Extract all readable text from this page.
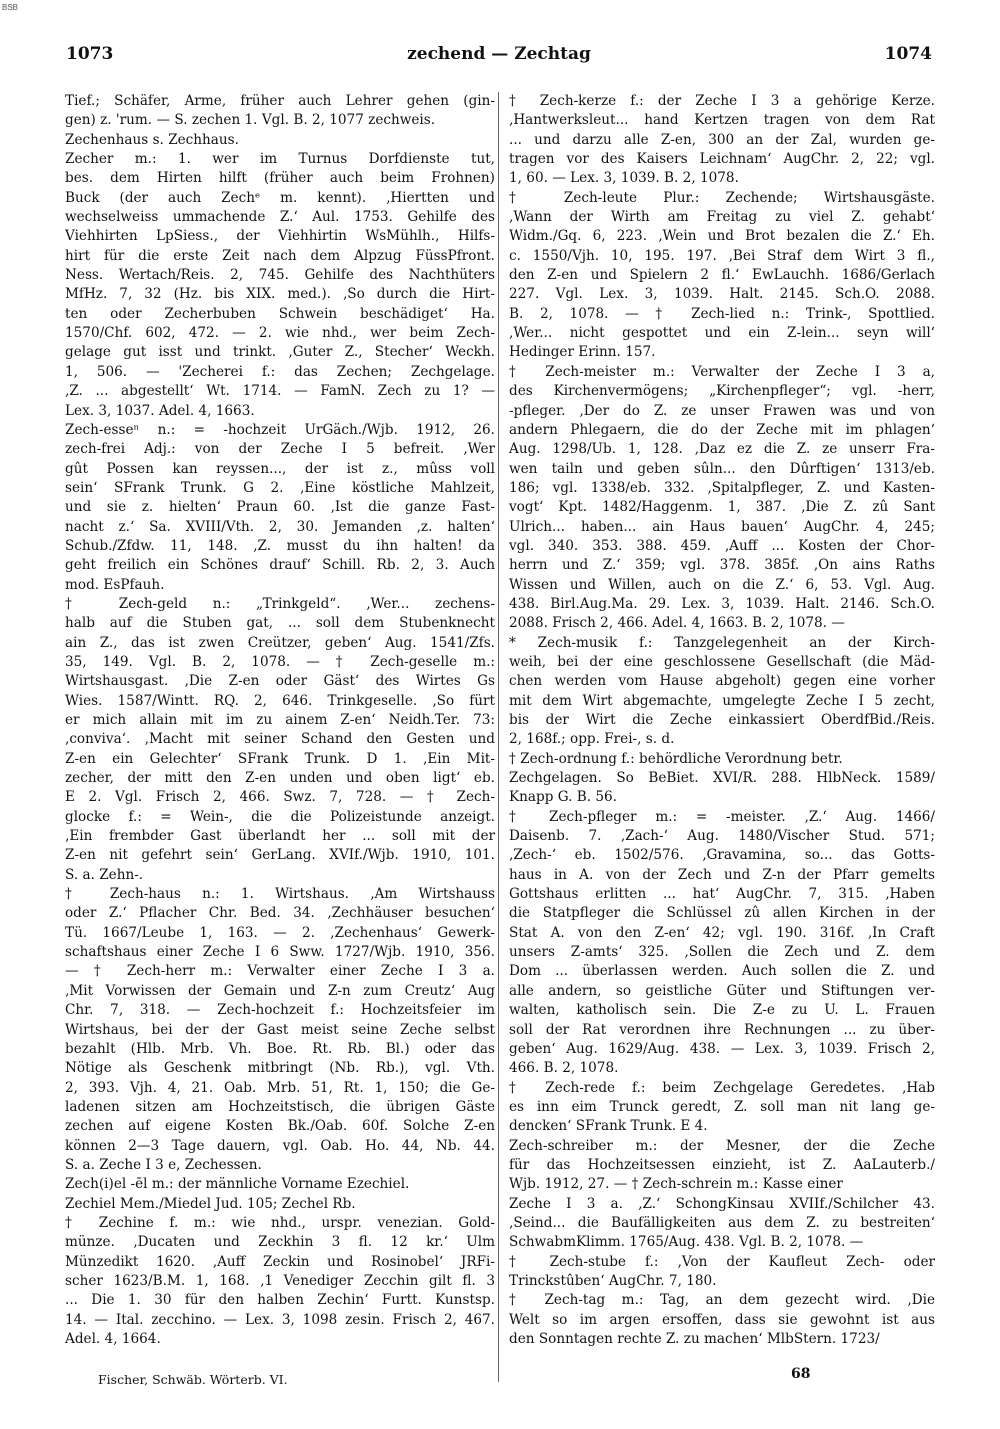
BSB
1073	zechend — Zechtag	1074
Tief.; Schäfer, Arme, früher auch Lehrer gehen (gin-
gen) z. 'rum. — S. zechen 1. Vgl. B. 2, 1077 zechweis.
Zechenhaus s. Zechhaus.
Zecher m.: 1. wer im Turnus Dorfdienste tut,
bes. dem Hirten hilft (früher auch beim Frohnen)
Buck (der auch Zechᵉ m. kennt). ‚Hiertten und
wechselweiss ummachende Z.‘ Aul. 1753. Gehilfe des
Viehhirten LpSiess., der Viehhirtin WsMühlh., Hilfs-
hirt für die erste Zeit nach dem Alpzug FüssPfront.
Ness. Wertach/Reis. 2, 745. Gehilfe des Nachthüters
MfHz. 7, 32 (Hz. bis XIX. med.). ‚So durch die Hirt-
ten oder Zecherbuben Schwein beschädiget‘ Ha.
1570/Chf. 602, 472. — 2. wie nhd., wer beim Zech-
gelage gut isst und trinkt. ‚Guter Z., Stecher‘ Weckh.
1, 506. — 'Zecherei f.: das Zechen; Zechgelage.
‚Z. ... abgestellt‘ Wt. 1714. — FamN. Zech zu 1? —
Lex. 3, 1037. Adel. 4, 1663.
Zech-esseⁿ n.: = -hochzeit UrGäch./Wjb. 1912, 26.
zech-frei Adj.: von der Zeche I 5 befreit. ‚Wer
gût Possen kan reyssen..., der ist z., mûss voll
sein‘ SFrank Trunk. G 2. ‚Eine köstliche Mahlzeit,
und sie z. hielten‘ Praun 60. ‚Ist die ganze Fast-
nacht z.‘ Sa. XVIII/Vth. 2, 30. Jemanden ‚z. halten‘
Schub./Zfdw. 11, 148. ‚Z. musst du ihn halten! da
geht freilich ein Schönes drauf‘ Schill. Rb. 2, 3. Auch
mod. EsPfauh.
† Zech-geld n.: „Trinkgeld“. ‚Wer... zechens-
halb auf die Stuben gat, ... soll dem Stubenknecht
ain Z., das ist zwen Creützer, geben‘ Aug. 1541/Zfs.
35, 149. Vgl. B. 2, 1078. — † Zech-geselle m.:
Wirtshausgast. ‚Die Z-en oder Gäst‘ des Wirtes Gs
Wies. 1587/Wintt. RQ. 2, 646. Trinkgeselle. ‚So fürt
er mich allain mit im zu ainem Z-en‘ Neidh.Ter. 73:
‚conviva‘. ‚Macht mit seiner Schand den Gesten und
Z-en ein Gelechter‘ SFrank Trunk. D 1. ‚Ein Mit-
zecher, der mitt den Z-en unden und oben ligt‘ eb.
E 2. Vgl. Frisch 2, 466. Swz. 7, 728. — † Zech-
glocke f.: = Wein-, die die Polizeistunde anzeigt.
‚Ein frembder Gast überlandt her ... soll mit der
Z-en nit gefehrt sein‘ GerLang. XVIf./Wjb. 1910, 101.
S. a. Zehn-.
† Zech-haus n.: 1. Wirtshaus. ‚Am Wirtshauss
oder Z.‘ Pflacher Chr. Bed. 34. ‚Zechhäuser besuchen‘
Tü. 1667/Leube 1, 163. — 2. ‚Zechenhaus‘ Gewerk-
schaftshaus einer Zeche I 6 Sww. 1727/Wjb. 1910, 356.
— † Zech-herr m.: Verwalter einer Zeche I 3 a.
‚Mit Vorwissen der Gemain und Z-n zum Creutz‘ Aug
Chr. 7, 318. — Zech-hochzeit f.: Hochzeitsfeier im
Wirtshaus, bei der der Gast meist seine Zeche selbst
bezahlt (Hlb. Mrb. Vh. Boe. Rt. Rb. Bl.) oder das
Nötige als Geschenk mitbringt (Nb. Rb.), vgl. Vth.
2, 393. Vjh. 4, 21. Oab. Mrb. 51, Rt. 1, 150; die Ge-
ladenen sitzen am Hochzeitstisch, die übrigen Gäste
zechen auf eigene Kosten Bk./Oab. 60f. Solche Z-en
können 2—3 Tage dauern, vgl. Oab. Ho. 44, Nb. 44.
S. a. Zeche I 3 e, Zechessen.
Zech(i)el -ēl m.: der männliche Vorname Ezechiel.
Zechiel Mem./Miedel Jud. 105; Zechel Rb.
† Zechine f. m.: wie nhd., urspr. venezian. Gold-
münze. ‚Ducaten und Zeckhin 3 fl. 12 kr.‘ Ulm
Münzedikt 1620. ‚Auff Zeckin und Rosinobel‘ JRFi-
scher 1623/B.M. 1, 168. ‚1 Venediger Zecchin gilt fl. 3
... Die 1. 30 für den halben Zechin‘ Furtt. Kunstsp.
14. — Ital. zecchino. — Lex. 3, 1098 zesin. Frisch 2, 467.
Adel. 4, 1664.
† Zech-kerze f.: der Zeche I 3 a gehörige Kerze.
‚Hantwerksleut... hand Kertzen tragen von dem Rat
... und darzu alle Z-en, 300 an der Zal, wurden ge-
tragen vor des Kaisers Leichnam‘ AugChr. 2, 22; vgl.
1, 60. — Lex. 3, 1039. B. 2, 1078.
† Zech-leute Plur.: Zechende; Wirtshausgäste.
‚Wann der Wirth am Freitag zu viel Z. gehabt‘
Widm./Gq. 6, 223. ‚Wein und Brot bezalen die Z.‘ Eh.
c. 1550/Vjh. 10, 195. 197. ‚Bei Straf dem Wirt 3 fl.,
den Z-en und Spielern 2 fl.‘ EwLauchh. 1686/Gerlach
227. Vgl. Lex. 3, 1039. Halt. 2145. Sch.O. 2088.
B. 2, 1078. — † Zech-lied n.: Trink-, Spottlied.
‚Wer... nicht gespottet und ein Z-lein... seyn will‘
Hedinger Erinn. 157.
† Zech-meister m.: Verwalter der Zeche I 3 a,
des Kirchenvermögens; „Kirchenpfleger“; vgl. -herr,
-pfleger. ‚Der do Z. ze unser Frawen was und von
andern Phlegaern, die do der Zeche mit im phlagen‘
Aug. 1298/Ub. 1, 128. ‚Daz ez die Z. ze unserr Fra-
wen tailn und geben sûln... den Dûrftigen‘ 1313/eb.
186; vgl. 1338/eb. 332. ‚Spitalpfleger, Z. und Kasten-
vogt‘ Kpt. 1482/Haggenm. 1, 387. ‚Die Z. zû Sant
Ulrich... haben... ain Haus bauen‘ AugChr. 4, 245;
vgl. 340. 353. 388. 459. ‚Auff ... Kosten der Chor-
herrn und Z.‘ 359; vgl. 378. 385f. ‚On ains Raths
Wissen und Willen, auch on die Z.‘ 6, 53. Vgl. Aug.
438. Birl.Aug.Ma. 29. Lex. 3, 1039. Halt. 2146. Sch.O.
2088. Frisch 2, 466. Adel. 4, 1663. B. 2, 1078. —
* Zech-musik f.: Tanzgelegenheit an der Kirch-
weih, bei der eine geschlossene Gesellschaft (die Mäd-
chen werden vom Hause abgeholt) gegen eine vorher
mit dem Wirt abgemachte, umgelegte Zeche I 5 zecht,
bis der Wirt die Zeche einkassiert OberdfBid./Reis.
2, 168f.; opp. Frei-, s. d.
† Zech-ordnung f.: behördliche Verordnung betr.
Zechgelagen. So BeBiet. XVI/R. 288. HlbNeck. 1589/
Knapp G. B. 56.
† Zech-pfleger m.: = -meister. ‚Z.‘ Aug. 1466/
Daisenb. 7. ‚Zach-‘ Aug. 1480/Vischer Stud. 571;
‚Zech-‘ eb. 1502/576. ‚Gravamina, so... das Gotts-
haus in A. von der Zech und Z-n der Pfarr gemelts
Gottshaus erlitten ... hat‘ AugChr. 7, 315. ‚Haben
die Statpfleger die Schlüssel zû allen Kirchen in der
Stat A. von den Z-en‘ 42; vgl. 190. 316f. ‚In Craft
unsers Z-amts‘ 325. ‚Sollen die Zech und Z. dem
Dom ... überlassen werden. Auch sollen die Z. und
alle andern, so geistliche Güter und Stiftungen ver-
walten, katholisch sein. Die Z-e zu U. L. Frauen
soll der Rat verordnen ihre Rechnungen ... zu über-
geben‘ Aug. 1629/Aug. 438. — Lex. 3, 1039. Frisch 2,
466. B. 2, 1078.
† Zech-rede f.: beim Zechgelage Geredetes. ‚Hab
es inn eim Trunck geredt, Z. soll man nit lang ge-
dencken‘ SFrank Trunk. E 4.
Zech-schreiber m.: der Mesner, der die Zeche
für das Hochzeitsessen einzieht, ist Z. AaLauterb./
Wjb. 1912, 27. — † Zech-schrein m.: Kasse einer
Zeche I 3 a. ‚Z.‘ SchongKinsau XVIIf./Schilcher 43.
‚Seind... die Baufälligkeiten aus dem Z. zu bestreiten‘
SchwabmKlimm. 1765/Aug. 438. Vgl. B. 2, 1078. —
† Zech-stube f.: ‚Von der Kaufleut Zech- oder
Trinckstûben‘ AugChr. 7, 180.
† Zech-tag m.: Tag, an dem gezecht wird. ‚Die
Welt so im argen ersoffen, dass sie gewohnt ist aus
den Sonntagen rechte Z. zu machen‘ MlbStern. 1723/
Fischer, Schwäb. Wörterb. VI.	68
